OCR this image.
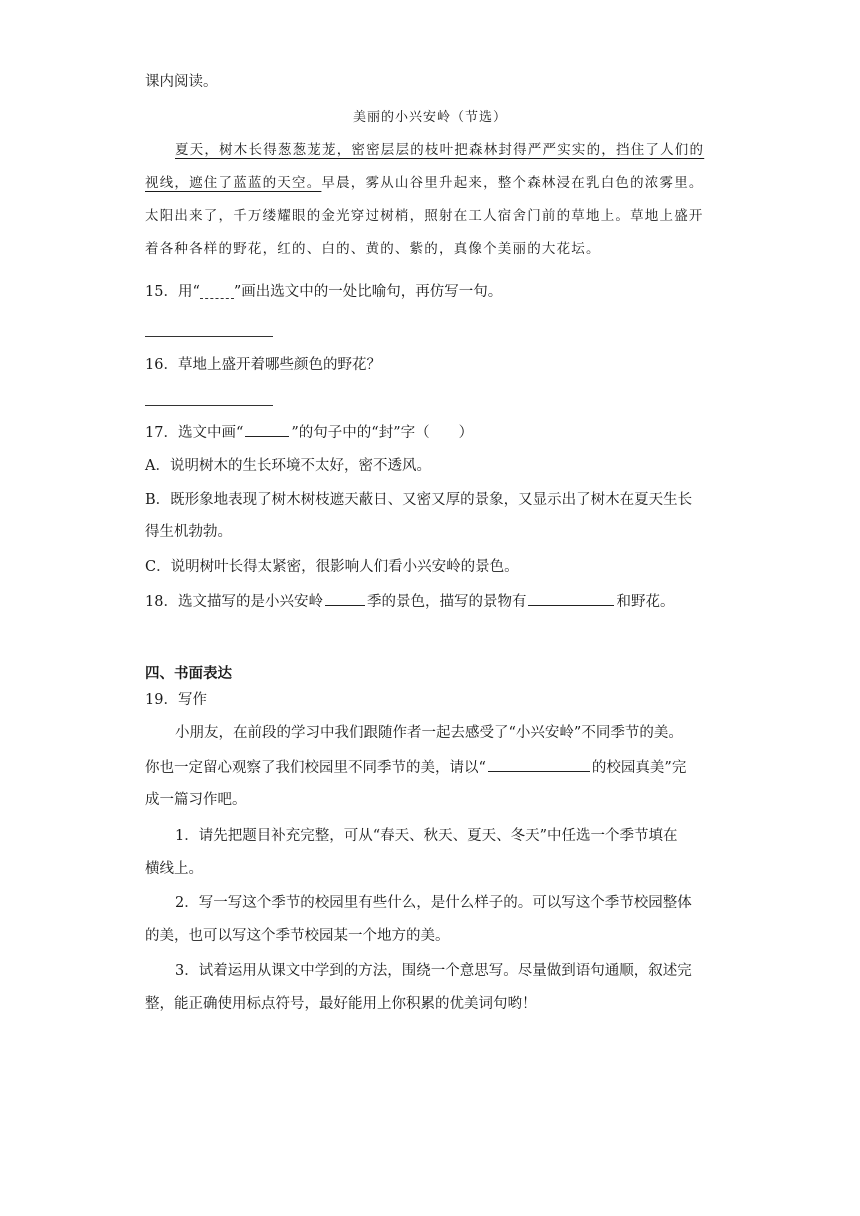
课内阅读。
美丽的小兴安岭（节选）
夏天，树木长得葱葱茏茏，密密层层的枝叶把森林封得严严实实的，挡住了人们的
视线，遮住了蓝蓝的天空。早晨，雾从山谷里升起来，整个森林浸在乳白色的浓雾里。
太阳出来了，千万缕耀眼的金光穿过树梢，照射在工人宿舍门前的草地上。草地上盛开
着各种各样的野花，红的、白的、黄的、紫的，真像个美丽的大花坛。
15．用“ ”画出选文中的一处比喻句，再仿写一句。
16．草地上盛开着哪些颜色的野花？
17．选文中画“	”的句子中的“封”字（　　）
A．说明树木的生长环境不太好，密不透风。
B．既形象地表现了树木树枝遮天蔽日、又密又厚的景象，又显示出了树木在夏天生长
得生机勃勃。
C．说明树叶长得太紧密，很影响人们看小兴安岭的景色。
18．选文描写的是小兴安岭	季的景色，描写的景物有	和野花。
四、书面表达
19．写作
小朋友，在前段的学习中我们跟随作者一起去感受了“小兴安岭”不同季节的美。
你也一定留心观察了我们校园里不同季节的美，请以“	的校园真美”完
成一篇习作吧。
1．请先把题目补充完整，可从“春天、秋天、夏天、冬天”中任选一个季节填在
横线上。
2．写一写这个季节的校园里有些什么，是什么样子的。可以写这个季节校园整体
的美，也可以写这个季节校园某一个地方的美。
3．试着运用从课文中学到的方法，围绕一个意思写。尽量做到语句通顺，叙述完
整，能正确使用标点符号，最好能用上你积累的优美词句哟！
